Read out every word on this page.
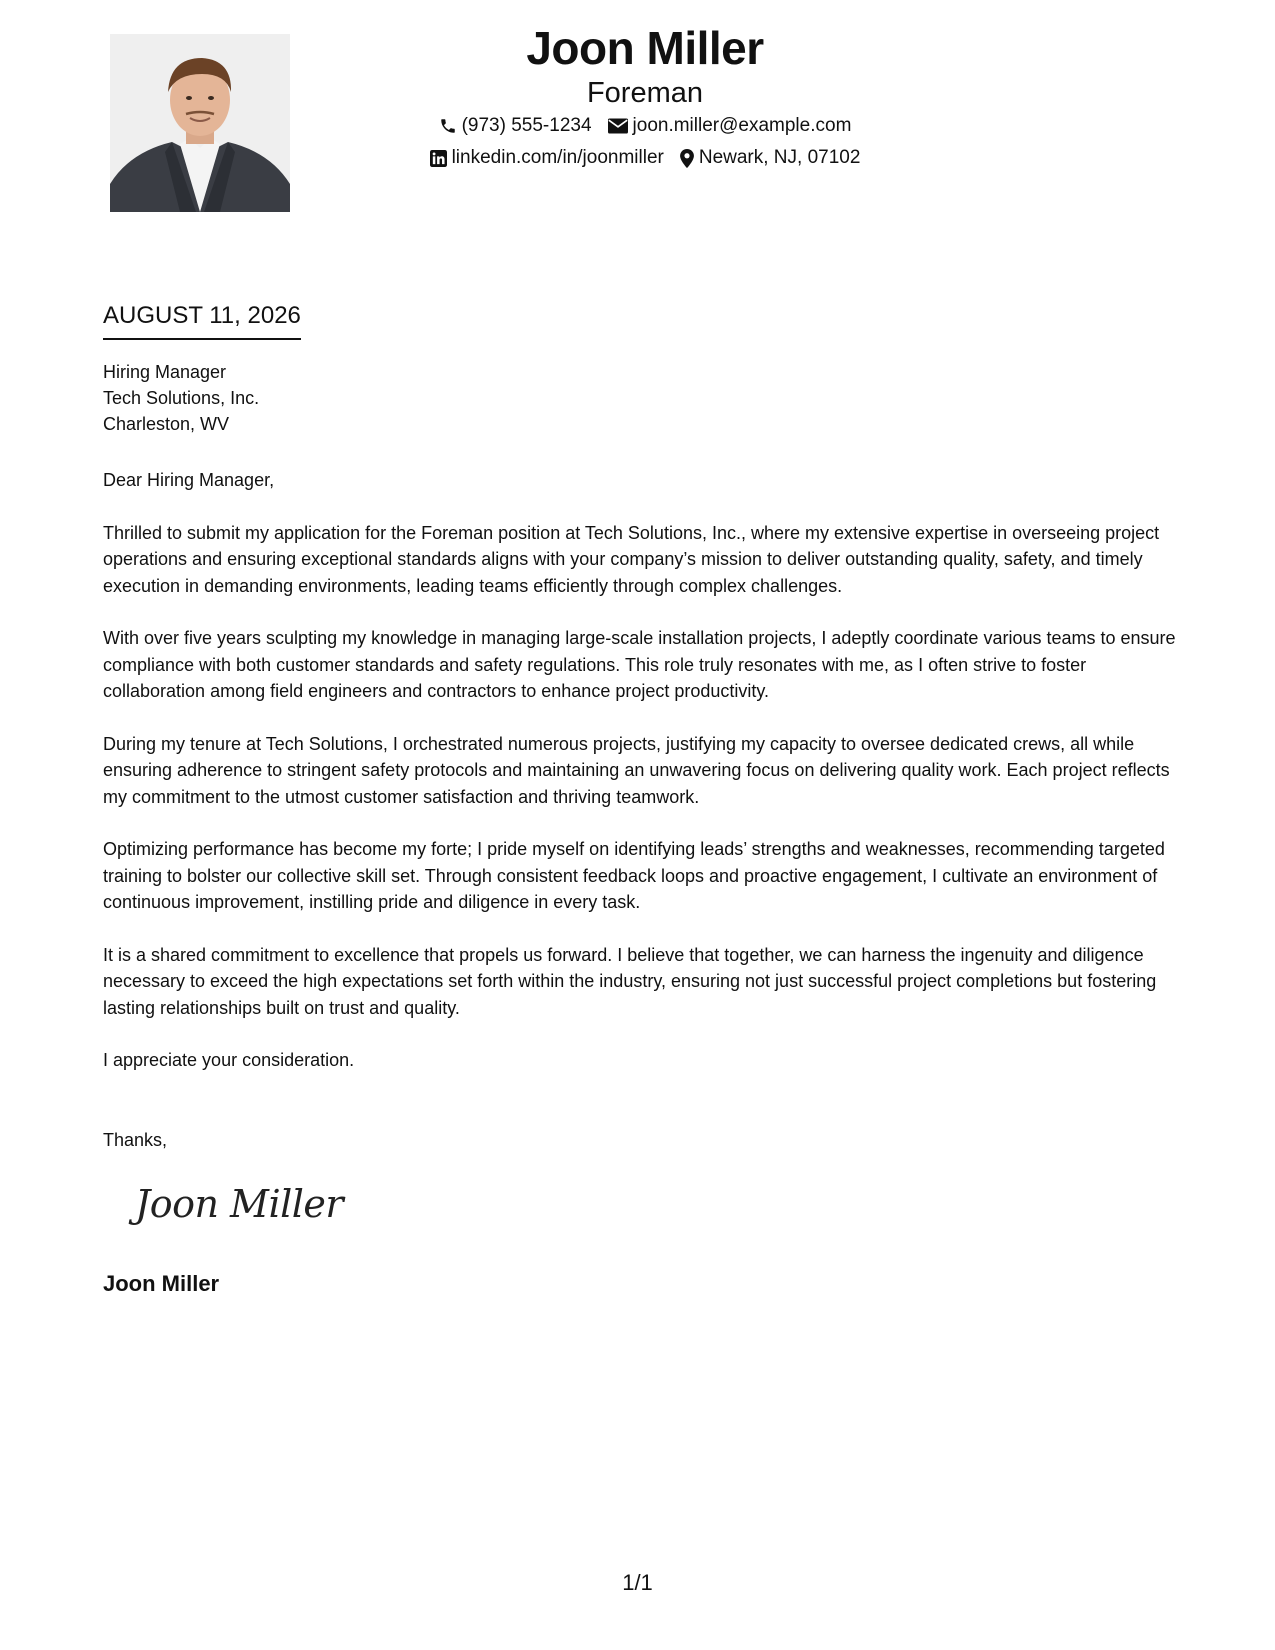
Joon Miller
Foreman
(973) 555-1234 joon.miller@example.com
linkedin.com/in/joonmiller Newark, NJ, 07102
AUGUST 11, 2026
Hiring Manager
Tech Solutions, Inc.
Charleston, WV

Dear Hiring Manager,

Thrilled to submit my application for the Foreman position at Tech Solutions, Inc., where my extensive expertise in overseeing project operations and ensuring exceptional standards aligns with your company’s mission to deliver outstanding quality, safety, and timely execution in demanding environments, leading teams efficiently through complex challenges.

With over five years sculpting my knowledge in managing large-scale installation projects, I adeptly coordinate various teams to ensure compliance with both customer standards and safety regulations. This role truly resonates with me, as I often strive to foster collaboration among field engineers and contractors to enhance project productivity.

During my tenure at Tech Solutions, I orchestrated numerous projects, justifying my capacity to oversee dedicated crews, all while ensuring adherence to stringent safety protocols and maintaining an unwavering focus on delivering quality work. Each project reflects my commitment to the utmost customer satisfaction and thriving teamwork.

Optimizing performance has become my forte; I pride myself on identifying leads’ strengths and weaknesses, recommending targeted training to bolster our collective skill set. Through consistent feedback loops and proactive engagement, I cultivate an environment of continuous improvement, instilling pride and diligence in every task.

It is a shared commitment to excellence that propels us forward. I believe that together, we can harness the ingenuity and diligence necessary to exceed the high expectations set forth within the industry, ensuring not just successful project completions but fostering lasting relationships built on trust and quality.

I appreciate your consideration.

Thanks,
Joon Miller
Joon Miller
1/1
